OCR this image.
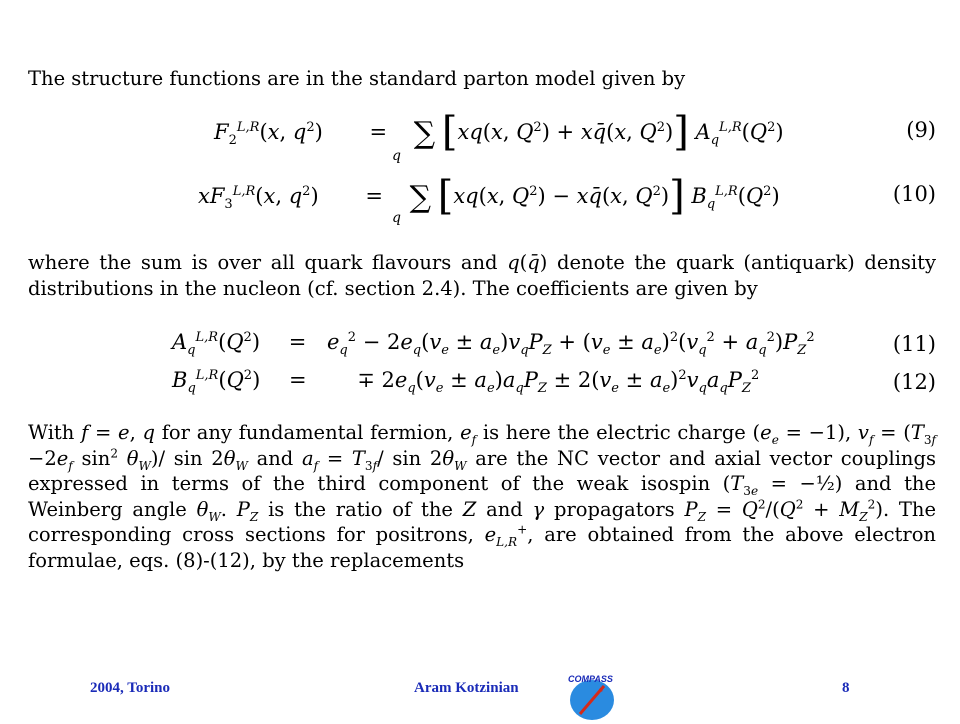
The structure functions are in the standard parton model given by
$F_2^{L,R}(x$, $q^2$) = ∑ [xq(x, $Q^2$) + xq̄(x, $Q^2$)] $A_q^{L,R}(Q^2)$
q
(9)
$xF_3^{L,R}(x$, $q^2$) = ∑ [xq(x, $Q^2$) − xq̄(x, $Q^2$)] $B_q^{L,R}(Q^2)$
q
(10)
where the sum is over all quark flavours and q(q̄) denote the quark (antiquark) density distributions in the nucleon (cf. section 2.4). The coefficients are given by
$A_q^{L,R}(Q^2) = e_q^2 - 2e_q(v_e \pm a_e)v_qP_Z + (v_e \pm a_e)^2(v_q^2 + a_q^2)P_Z^2$	(11)
$B_q^{L,R}(Q^2)$ = ∓ $2e_q(v_e \pm a_e)a_qP_Z \pm 2(v_e \pm a_e)^2v_qa_qP_Z^2$	(12)
With f = e, q for any fundamental fermion, $e_f$ is here the electric charge $(e_e = -1)$, $v_f = (T_{3f} -2e_f$ $\sin^2 \theta_W)/$ $\sin 2\theta_W$ and $a_f = T_{3f}/$ $\sin 2\theta_W$ are the NC vector and axial vector couplings expressed in terms of the third component of the weak isospin ($T_{3e}$ = −½) and the Weinberg angle $\theta_W$. $P_Z$ is the ratio of the Z and γ propagators $P_Z = Q^2/(Q^2 + M_Z^2)$. The corresponding cross sections for positrons, $e_{L,R}^+$, are obtained from the above electron formulae, eqs. (8)-(12), by the replacements
2004, Torino	Aram Kotzinian	8
COMPASS
